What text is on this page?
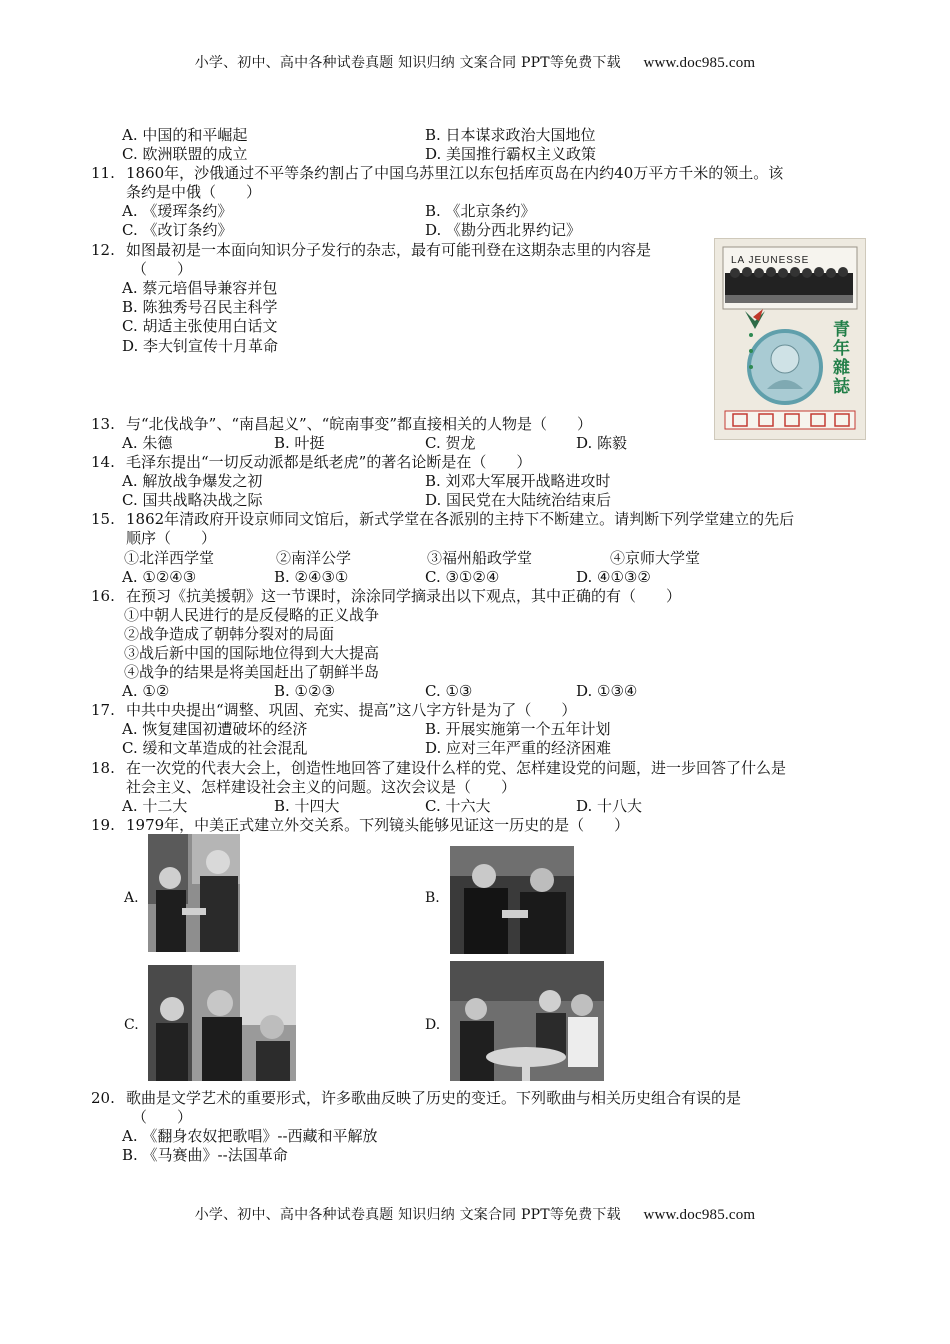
小学、初中、高中各种试卷真题 知识归纳 文案合同 PPT等免费下载 www.doc985.com
A. 中国的和平崛起	B. 日本谋求政治大国地位
C. 欧洲联盟的成立	D. 美国推行霸权主义政策
11. 1860年，沙俄通过不平等条约割占了中国乌苏里江以东包括库页岛在内约40万平方千米的领土。该
条约是中俄（　　）
A. 《瑷珲条约》	B. 《北京条约》
C. 《改订条约》	D. 《勘分西北界约记》
12. 如图最初是一本面向知识分子发行的杂志，最有可能刊登在这期杂志里的内容是
（　　）
A. 蔡元培倡导兼容并包
B. 陈独秀号召民主科学
C. 胡适主张使用白话文
D. 李大钊宣传十月革命
LA JEUNESSE
青年雜誌
13. 与“北伐战争”、“南昌起义”、“皖南事变”都直接相关的人物是（　　）
A. 朱德	B. 叶挺	C. 贺龙	D. 陈毅
14. 毛泽东提出“一切反动派都是纸老虎”的著名论断是在（　　）
A. 解放战争爆发之初	B. 刘邓大军展开战略进攻时
C. 国共战略决战之际	D. 国民党在大陆统治结束后
15. 1862年清政府开设京师同文馆后，新式学堂在各派别的主持下不断建立。请判断下列学堂建立的先后
顺序（　　）
①北洋西学堂	②南洋公学	③福州船政学堂	④京师大学堂
A. ①②④③	B. ②④③①	C. ③①②④	D. ④①③②
16. 在预习《抗美援朝》这一节课时，涂涂同学摘录出以下观点，其中正确的有（　　）
①中朝人民进行的是反侵略的正义战争
②战争造成了朝韩分裂对的局面
③战后新中国的国际地位得到大大提高
④战争的结果是将美国赶出了朝鲜半岛
A. ①②	B. ①②③	C. ①③	D. ①③④
17. 中共中央提出“调整、巩固、充实、提高”这八字方针是为了（　　）
A. 恢复建国初遭破坏的经济	B. 开展实施第一个五年计划
C. 缓和文革造成的社会混乱	D. 应对三年严重的经济困难
18. 在一次党的代表大会上，创造性地回答了建设什么样的党、怎样建设党的问题，进一步回答了什么是
社会主义、怎样建设社会主义的问题。这次会议是（　　）
A. 十二大	B. 十四大	C. 十六大	D. 十八大
19. 1979年，中美正式建立外交关系。下列镜头能够见证这一历史的是（　　）
A.	B.
C.	D.
20. 歌曲是文学艺术的重要形式，许多歌曲反映了历史的变迁。下列歌曲与相关历史组合有误的是
（　　）
A. 《翻身农奴把歌唱》--西藏和平解放
B. 《马赛曲》--法国革命
小学、初中、高中各种试卷真题 知识归纳 文案合同 PPT等免费下载 www.doc985.com
